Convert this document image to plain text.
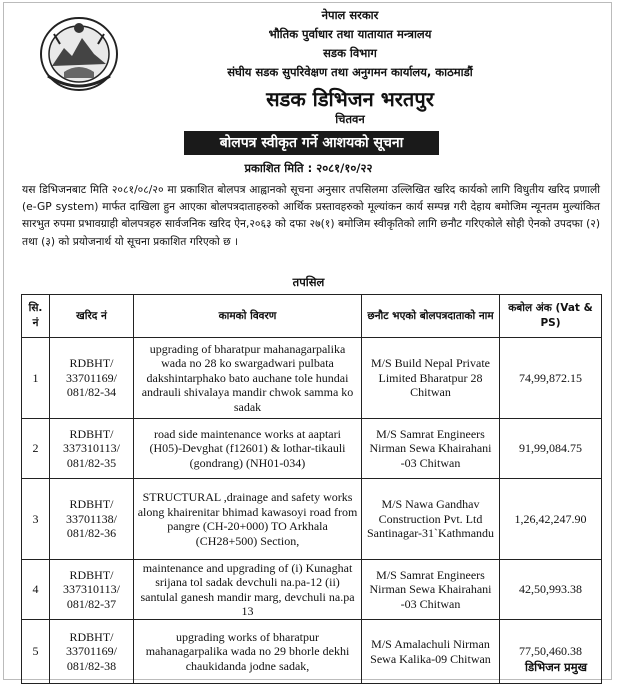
नेपाल सरकार
भौतिक पुर्वाधार तथा यातायात मन्त्रालय
सडक विभाग
संघीय सडक सुपरिवेक्षण तथा अनुगमन कार्यालय, काठमाडौं
सडक डिभिजन भरतपुर
चितवन
बोलपत्र स्वीकृत गर्ने आशयको सूचना
प्रकाशित मिति : २०८१/१०/२२
यस डिभिजनबाट मिति २०८१/०८/२० मा प्रकाशित बोलपत्र आह्वानको सूचना अनुसार तपसिलमा उल्लिखित खरिद कार्यको लागि विधुतीय खरिद प्रणाली (e-GP system) मार्फत दाखिला हुन आएका बोलपत्रदाताहरुको आर्थिक प्रस्तावहरुको मूल्यांकन कार्य सम्पन्न गरी देहाय बमोजिम न्यूनतम मुल्यांकित सारभुत रुपमा प्रभावग्राही बोलपत्रहरु सार्वजनिक खरिद ऐन,२०६३ को दफा २७(१) बमोजिम स्वीकृतिको लागि छनौट गरिएकोले सोही ऐनको उपदफा (२) तथा (३) को प्रयोजनार्थ यो सूचना प्रकाशित गरिएको छ ।
तपसिल
सि. नं	खरिद नं	कामको विवरण	छनौट भएको बोलपत्रदाताको नाम	कबोल अंक (Vat & PS)
1	RDBHT/ 33701169/ 081/82-34	upgrading of bharatpur mahanagarpalika wada no 28 ko swargadwari pulbata dakshintarphako bato auchane tole hundai andrauli shivalaya mandir chwok samma ko sadak	M/S Build Nepal Private Limited Bharatpur 28 Chitwan	74,99,872.15
2	RDBHT/ 337310113/ 081/82-35	road side maintenance works at aaptari (H05)-Devghat (f12601) & lothar-tikauli (gondrang) (NH01-034)	M/S Samrat Engineers Nirman Sewa Khairahani -03 Chitwan	91,99,084.75
3	RDBHT/ 33701138/ 081/82-36	STRUCTURAL ,drainage and safety works along khairenitar bhimad kawasoyi road from pangre (CH-20+000) TO Arkhala (CH28+500) Section,	M/S Nawa Gandhav Construction Pvt. Ltd Santinagar-31`Kathmandu	1,26,42,247.90
4	RDBHT/ 337310113/ 081/82-37	maintenance and upgrading of (i) Kunaghat srijana tol sadak devchuli na.pa-12 (ii) santulal ganesh mandir marg, devchuli na.pa 13	M/S Samrat Engineers Nirman Sewa Khairahani -03 Chitwan	42,50,993.38
5	RDBHT/ 33701169/ 081/82-38	upgrading works of bharatpur mahanagarpalika wada no 29 bhorle dekhi chaukidanda jodne sadak,	M/S Amalachuli Nirman Sewa Kalika-09 Chitwan	77,50,460.38
डिभिजन प्रमुख
